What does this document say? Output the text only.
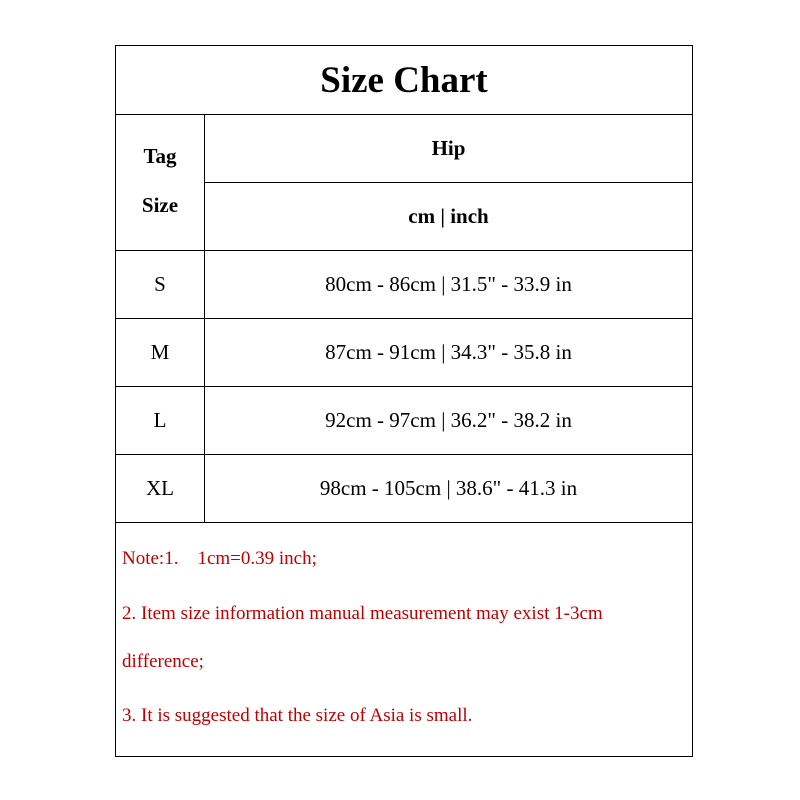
Size Chart
Tag
Size
Hip
cm | inch
S	80cm - 86cm | 31.5" - 33.9 in
M	87cm - 91cm | 34.3" - 35.8 in
L	92cm - 97cm | 36.2" - 38.2 in
XL	98cm - 105cm | 38.6" - 41.3 in
Note:1.    1cm=0.39 inch;
2. Item size information manual measurement may exist 1-3cm
difference;
3. It is suggested that the size of Asia is small.
